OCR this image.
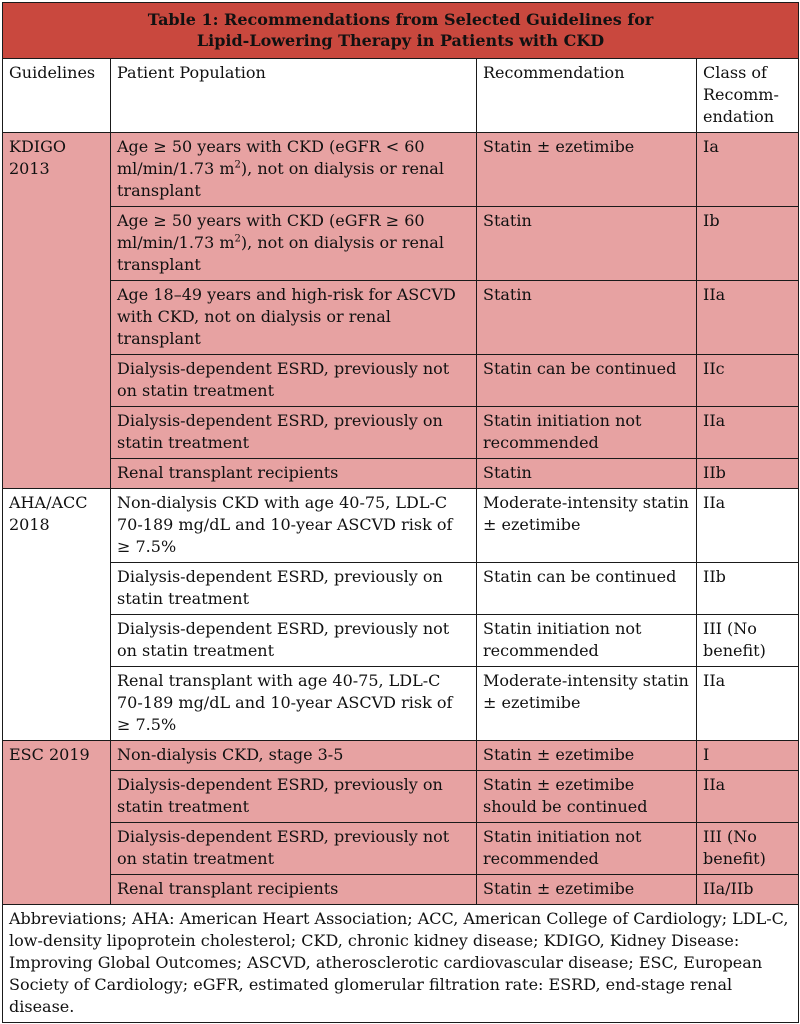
Table 1: Recommendations from Selected Guidelines for
Lipid-Lowering Therapy in Patients with CKD			

Guidelines	Patient Population	Recommendation	Class of Recomm-endation
KDIGO 2013	Age ≥ 50 years with CKD (eGFR < 60 ml/min/1.73 $m^2$), not on dialysis or renal transplant	Statin ± ezetimibe	Ia
	Age ≥ 50 years with CKD (eGFR ≥ 60 ml/min/1.73 $m^2$), not on dialysis or renal transplant	Statin	Ib
	Age 18–49 years and high-risk for ASCVD with CKD, not on dialysis or renal transplant	Statin	IIa
	Dialysis-dependent ESRD, previously not on statin treatment	Statin can be continued	IIc
	Dialysis-dependent ESRD, previously on statin treatment	Statin initiation not recommended	IIa
	Renal transplant recipients	Statin	IIb
AHA/ACC 2018	Non-dialysis CKD with age 40-75, LDL-C 70-189 mg/dL and 10-year ASCVD risk of ≥ 7.5%	Moderate-intensity statin ± ezetimibe	IIa
	Dialysis-dependent ESRD, previously on statin treatment	Statin can be continued	IIb
	Dialysis-dependent ESRD, previously not on statin treatment	Statin initiation not recommended	III (No benefit)
	Renal transplant with age 40-75, LDL-C 70-189 mg/dL and 10-year ASCVD risk of ≥ 7.5%	Moderate-intensity statin ± ezetimibe	IIa
ESC 2019	Non-dialysis CKD, stage 3-5	Statin ± ezetimibe	I
	Dialysis-dependent ESRD, previously on statin treatment	Statin ± ezetimibe should be continued	IIa
	Dialysis-dependent ESRD, previously not on statin treatment	Statin initiation not recommended	III (No benefit)
	Renal transplant recipients	Statin ± ezetimibe	IIa/IIb
Abbreviations; AHA: American Heart Association; ACC, American College of Cardiology; LDL-C, low-density lipoprotein cholesterol; CKD, chronic kidney disease; KDIGO, Kidney Disease: Improving Global Outcomes; ASCVD, atherosclerotic cardiovascular disease; ESC, European Society of Cardiology; eGFR, estimated glomerular filtration rate: ESRD, end-stage renal disease.			
